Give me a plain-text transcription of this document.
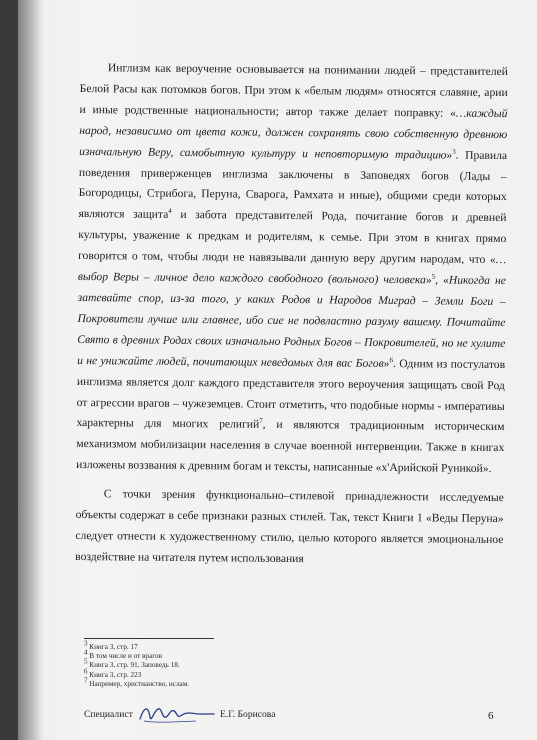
Инглизм как вероучение основывается на понимании людей – представителей Белой Расы как потомков богов. При этом к «белым людям» относятся славяне, арии и иные родственные национальности; автор также делает поправку: «…каждый народ, независимо от цвета кожи, должен сохранять свою собственную древнюю изначальную Веру, самобытную культуру и неповторимую традицию»$^3$. Правила поведения приверженцев инглизма заключены в Заповедях богов (Лады – Богородицы, Стрибога, Перуна, Сварога, Рамхата и иные), общими среди которых являются защита$^4$ и забота представителей Рода, почитание богов и древней культуры, уважение к предкам и родителям, к семье. При этом в книгах прямо говорится о том, чтобы люди не навязывали данную веру другим народам, что «…выбор Веры – личное дело каждого свободного (вольного) человека»$^5$, «Никогда не затевайте спор, из-за того, у каких Родов и Народов Миград – Земли Боги – Покровители лучше или главнее, ибо сие не подвластно разуму вашему. Почитайте Свято в древних Родах своих изначально Родных Богов – Покровителей, но не хулите и не унижайте людей, почитающих неведомых для вас Богов»$^6$. Одним из постулатов инглизма является долг каждого представителя этого вероучения защищать свой Род от агрессии врагов – чужеземцев. Стоит отметить, что подобные нормы - императивы характерны для многих религий$^7$, и являются традиционным историческим механизмом мобилизации населения в случае военной интервенции. Также в книгах изложены воззвания к древним богам и тексты, написанные «х'Арийской Руникой».

С точки зрения функционально–стилевой принадлежности исследуемые объекты содержат в себе признаки разных стилей. Так, текст Книги 1 «Веды Перуна» следует отнести к художественному стилю, целью которого является эмоциональное воздействие на читателя путем использования

$^3$ Книга 3, стр. 17
$^4$ В том числе и от врагов
$^5$ Книга 3, стр. 91, Заповедь 18.
$^6$ Книга 3, стр. 223
$^7$ Например, христианство, ислам.
Специалист	Е.Г. Борисова	6
